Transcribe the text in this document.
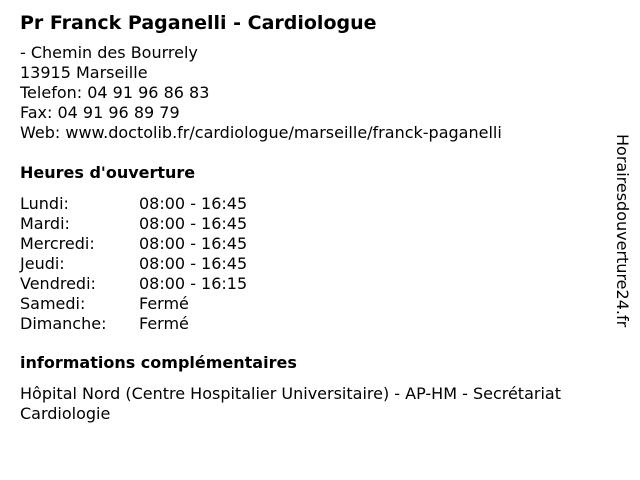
Pr Franck Paganelli - Cardiologue
- Chemin des Bourrely
13915 Marseille
Telefon: 04 91 96 86 83
Fax: 04 91 96 89 79
Web: www.doctolib.fr/cardiologue/marseille/franck-paganelli
Heures d'ouverture
Lundi:	08:00 - 16:45
Mardi:	08:00 - 16:45
Mercredi:	08:00 - 16:45
Jeudi:	08:00 - 16:45
Vendredi:	08:00 - 16:15
Samedi:	Fermé
Dimanche: Fermé
informations complémentaires
Hôpital Nord (Centre Hospitalier Universitaire) - AP-HM - Secrétariat Cardiologie
Horairesdouverture24.fr
